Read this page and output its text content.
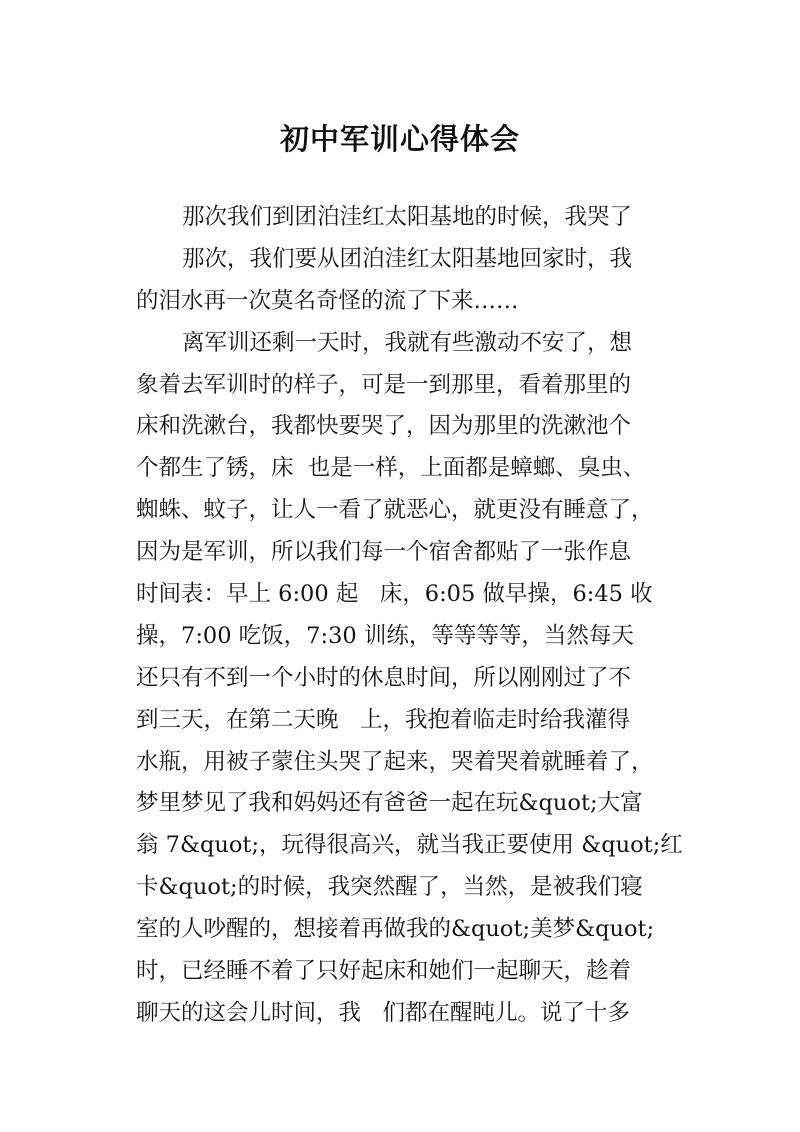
初中军训心得体会
那次我们到团泊洼红太阳基地的时候，我哭了
那次，我们要从团泊洼红太阳基地回家时，我
的泪水再一次莫名奇怪的流了下来……
离军训还剩一天时，我就有些激动不安了，想
象着去军训时的样子，可是一到那里，看着那里的
床和洗漱台，我都快要哭了，因为那里的洗漱池个
个都生了锈，床  也是一样，上面都是蟑螂、臭虫、
蜘蛛、蚊子，让人一看了就恶心，就更没有睡意了，
因为是军训，所以我们每一个宿舍都贴了一张作息
时间表：早上 6:00 起   床，6:05 做早操，6:45 收
操，7:00 吃饭，7:30 训练，等等等等，当然每天
还只有不到一个小时的休息时间，所以刚刚过了不
到三天，在第二天晚   上，我抱着临走时给我灌得
水瓶，用被子蒙住头哭了起来，哭着哭着就睡着了，
梦里梦见了我和妈妈还有爸爸一起在玩&quot;大富
翁 7&quot;，玩得很高兴，就当我正要使用 &quot;红
卡&quot;的时候，我突然醒了，当然，是被我们寝
室的人吵醒的，想接着再做我的&quot;美梦&quot;
时，已经睡不着了只好起床和她们一起聊天，趁着
聊天的这会儿时间，我   们都在醒盹儿。说了十多
